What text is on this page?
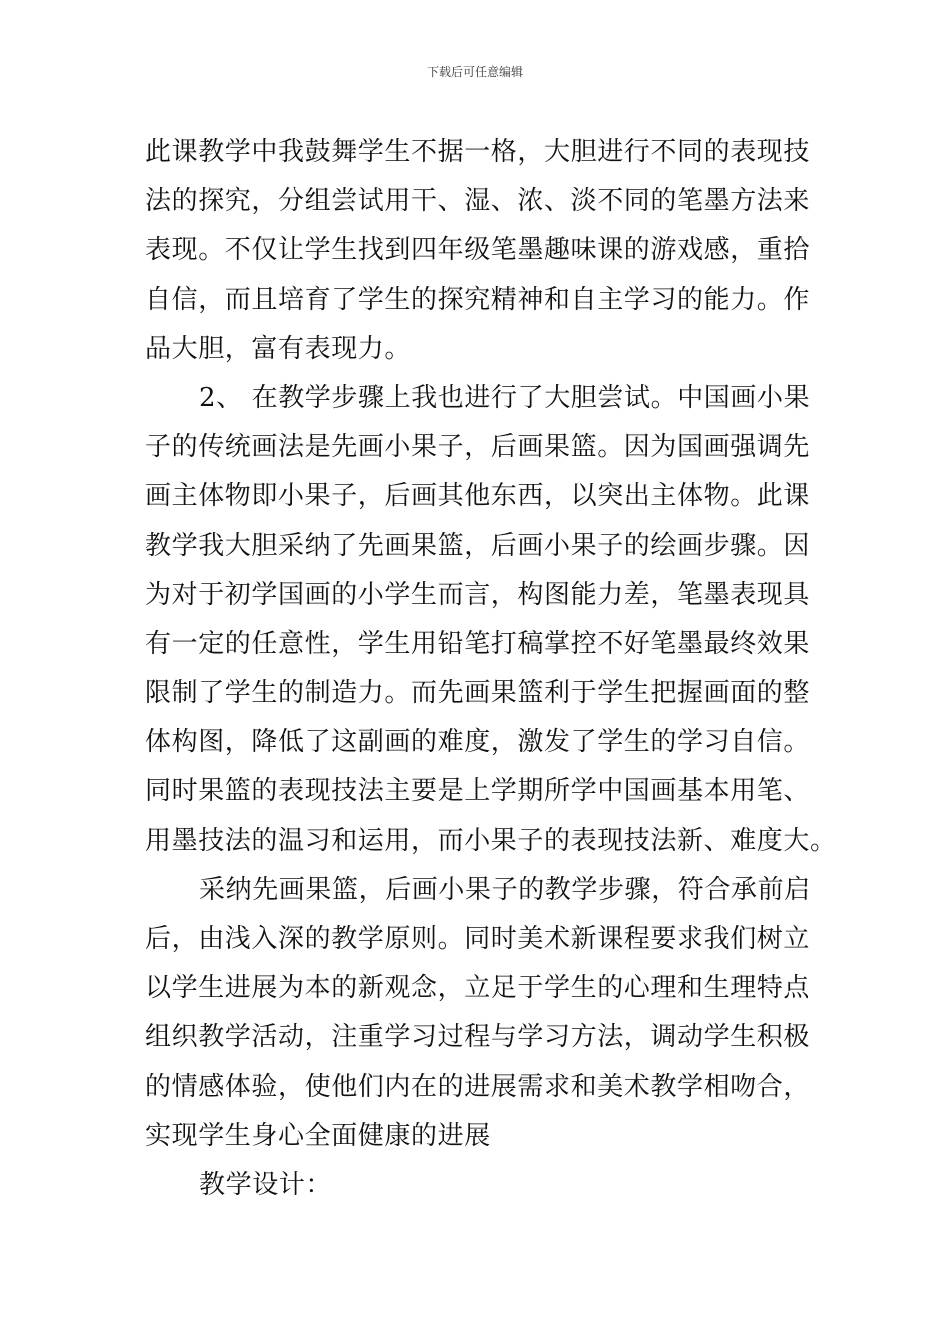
下载后可任意编辑
此课教学中我鼓舞学生不据一格，大胆进行不同的表现技
法的探究，分组尝试用干、湿、浓、淡不同的笔墨方法来
表现。不仅让学生找到四年级笔墨趣味课的游戏感，重拾
自信，而且培育了学生的探究精神和自主学习的能力。作
品大胆，富有表现力。
2、 在教学步骤上我也进行了大胆尝试。中国画小果
子的传统画法是先画小果子，后画果篮。因为国画强调先
画主体物即小果子，后画其他东西，以突出主体物。此课
教学我大胆采纳了先画果篮，后画小果子的绘画步骤。因
为对于初学国画的小学生而言，构图能力差，笔墨表现具
有一定的任意性，学生用铅笔打稿掌控不好笔墨最终效果
限制了学生的制造力。而先画果篮利于学生把握画面的整
体构图，降低了这副画的难度，激发了学生的学习自信。
同时果篮的表现技法主要是上学期所学中国画基本用笔、
用墨技法的温习和运用，而小果子的表现技法新、难度大。
采纳先画果篮，后画小果子的教学步骤，符合承前启
后，由浅入深的教学原则。同时美术新课程要求我们树立
以学生进展为本的新观念，立足于学生的心理和生理特点
组织教学活动，注重学习过程与学习方法，调动学生积极
的情感体验，使他们内在的进展需求和美术教学相吻合，
实现学生身心全面健康的进展
教学设计：
